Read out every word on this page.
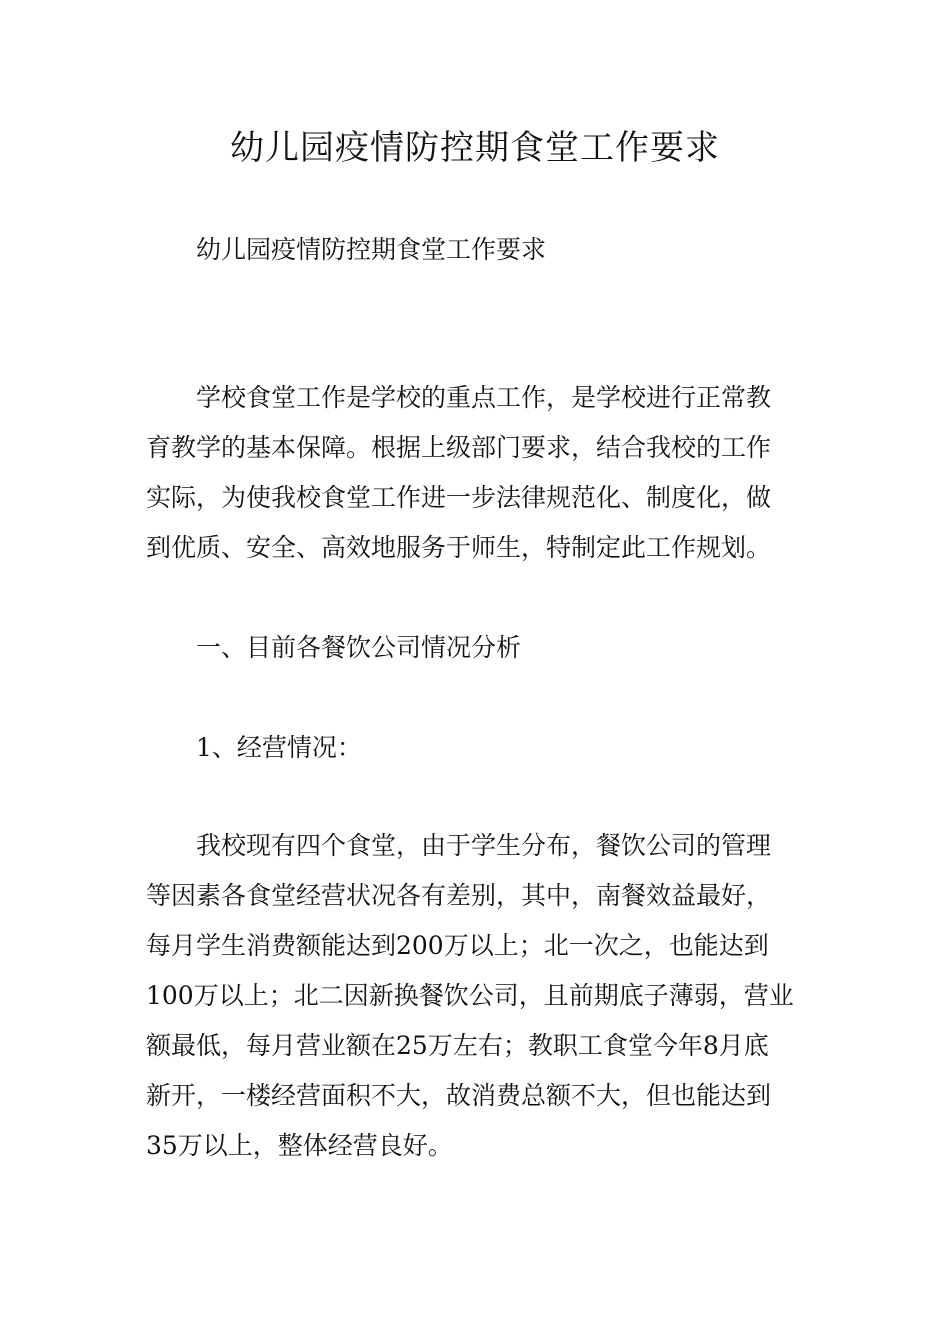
幼儿园疫情防控期食堂工作要求

幼儿园疫情防控期食堂工作要求

学校食堂工作是学校的重点工作，是学校进行正常教

育教学的基本保障。根据上级部门要求，结合我校的工作

实际，为使我校食堂工作进一步法律规范化、制度化，做

到优质、安全、高效地服务于师生，特制定此工作规划。

一、目前各餐饮公司情况分析

1、经营情况：

我校现有四个食堂，由于学生分布，餐饮公司的管理

等因素各食堂经营状况各有差别，其中，南餐效益最好，

每月学生消费额能达到200万以上；北一次之，也能达到

100万以上；北二因新换餐饮公司，且前期底子薄弱，营业

额最低，每月营业额在25万左右；教职工食堂今年8月底

新开，一楼经营面积不大，故消费总额不大，但也能达到

35万以上，整体经营良好。
